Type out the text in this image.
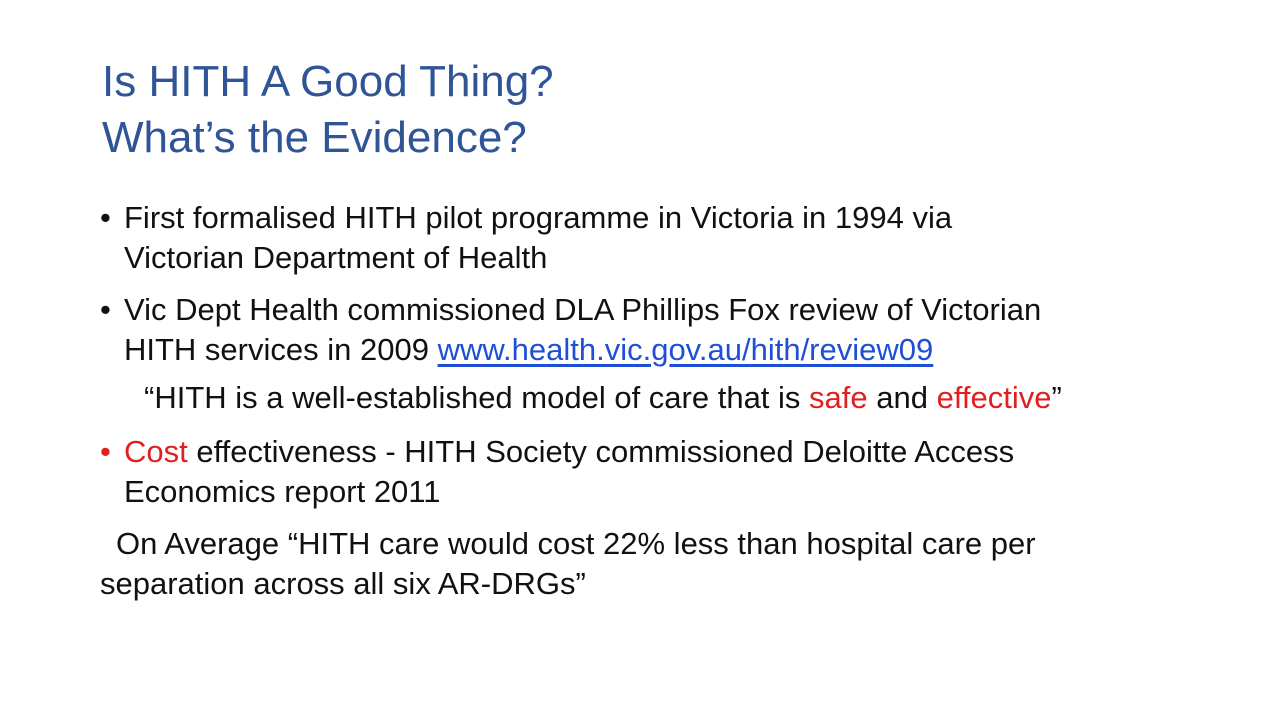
Is HITH A Good Thing?
What’s the Evidence?
• First formalised HITH pilot programme in Victoria in 1994 via
Victorian Department of Health
• Vic Dept Health commissioned DLA Phillips Fox review of Victorian
HITH services in 2009 www.health.vic.gov.au/hith/review09
“HITH is a well-established model of care that is safe and effective”
• Cost effectiveness - HITH Society commissioned Deloitte Access
Economics report 2011
On Average “HITH care would cost 22% less than hospital care per
separation across all six AR-DRGs”
